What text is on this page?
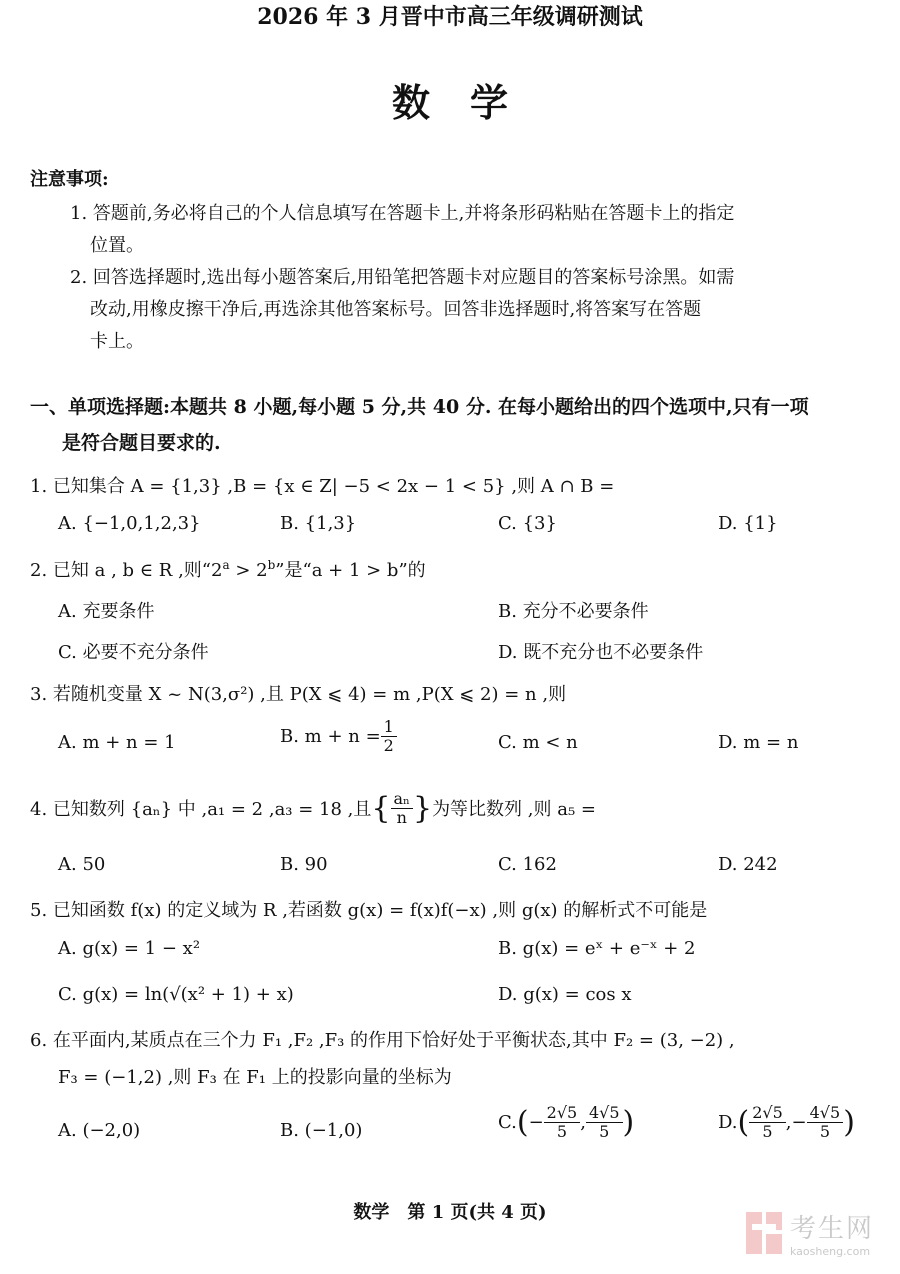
2026 年 3 月晋中市高三年级调研测试
数学
注意事项:
1. 答题前,务必将自己的个人信息填写在答题卡上,并将条形码粘贴在答题卡上的指定
位置。
2. 回答选择题时,选出每小题答案后,用铅笔把答题卡对应题目的答案标号涂黑。如需
改动,用橡皮擦干净后,再选涂其他答案标号。回答非选择题时,将答案写在答题
卡上。
一、单项选择题:本题共 8 小题,每小题 5 分,共 40 分. 在每小题给出的四个选项中,只有一项
是符合题目要求的.
1. 已知集合 A = {1,3} ,B = {x ∈ Z| −5 < 2x − 1 < 5} ,则 A ∩ B =
A. {−1,0,1,2,3}	B. {1,3}	C. {3}	D. {1}
2. 已知 a , b ∈ R ,则“$2^a > 2^b$”是“a + 1 > b”的
A. 充要条件	B. 充分不必要条件
C. 必要不充分条件	D. 既不充分也不必要条件
3. 若随机变量 X ~ N(3,σ²) ,且 P(X ⩽ 4) = m ,P(X ⩽ 2) = n ,则
A. m + n = 1	B. $m + n = \frac{1}{2}$	C. m < n	D. m = n
4. 已知数列 {aₙ} 中 ,a₁ = 2 ,a₃ = 18 ,且 { $\frac{\text{aₙ}}{n}$ } 为等比数列 ,则 a₅ =
A. 50	B. 90	C. 162	D. 242
5. 已知函数 f(x) 的定义域为 R ,若函数 g(x) = f(x)f(−x) ,则 g(x) 的解析式不可能是
A. g(x) = 1 − x²	B. g(x) = eˣ + e⁻ˣ + 2
C. g(x) = ln(√(x² + 1) + x)	D. g(x) = cos x
6. 在平面内,某质点在三个力 F₁ ,F₂ ,F₃ 的作用下恰好处于平衡状态,其中 F₂ = (3, −2) ,
F₃ = (−1,2) ,则 F₃ 在 F₁ 上的投影向量的坐标为
A. (−2,0)	B. (−1,0)	C. ( − $\frac{2√5}{5}$ , $\frac{4√5}{5}$ )	D. ( $\frac{2√5}{5}$ , − $\frac{4√5}{5}$ )
数学　第 1 页(共 4 页)
考生网
kaosheng.com
